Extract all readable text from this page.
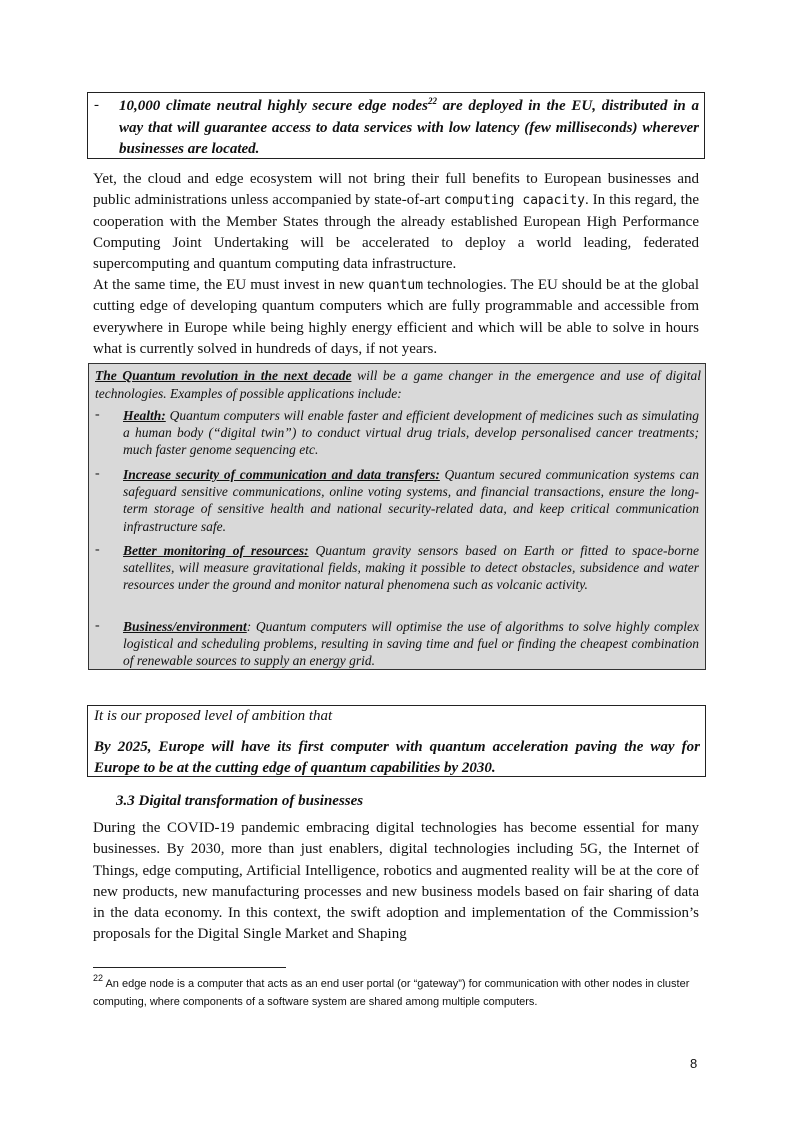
- 10,000 climate neutral highly secure edge nodes$^{22}$ are deployed in the EU, distributed in a way that will guarantee access to data services with low latency (few milliseconds) wherever businesses are located.
Yet, the cloud and edge ecosystem will not bring their full benefits to European businesses and public administrations unless accompanied by state-of-art computing capacity. In this regard, the cooperation with the Member States through the already established European High Performance Computing Joint Undertaking will be accelerated to deploy a world leading, federated supercomputing and quantum computing data infrastructure.
At the same time, the EU must invest in new quantum technologies. The EU should be at the global cutting edge of developing quantum computers which are fully programmable and accessible from everywhere in Europe while being highly energy efficient and which will be able to solve in hours what is currently solved in hundreds of days, if not years.
The Quantum revolution in the next decade will be a game changer in the emergence and use of digital technologies. Examples of possible applications include:
- Health: Quantum computers will enable faster and efficient development of medicines such as simulating a human body (“digital twin”) to conduct virtual drug trials, develop personalised cancer treatments; much faster genome sequencing etc.
- Increase security of communication and data transfers: Quantum secured communication systems can safeguard sensitive communications, online voting systems, and financial transactions, ensure the long-term storage of sensitive health and national security-related data, and keep critical communication infrastructure safe.
- Better monitoring of resources: Quantum gravity sensors based on Earth or fitted to space-borne satellites, will measure gravitational fields, making it possible to detect obstacles, subsidence and water resources under the ground and monitor natural phenomena such as volcanic activity.
- Business/environment: Quantum computers will optimise the use of algorithms to solve highly complex logistical and scheduling problems, resulting in saving time and fuel or finding the cheapest combination of renewable sources to supply an energy grid.
It is our proposed level of ambition that
By 2025, Europe will have its first computer with quantum acceleration paving the way for Europe to be at the cutting edge of quantum capabilities by 2030.
3.3 Digital transformation of businesses
During the COVID-19 pandemic embracing digital technologies has become essential for many businesses. By 2030, more than just enablers, digital technologies including 5G, the Internet of Things, edge computing, Artificial Intelligence, robotics and augmented reality will be at the core of new products, new manufacturing processes and new business models based on fair sharing of data in the data economy. In this context, the swift adoption and implementation of the Commission’s proposals for the Digital Single Market and Shaping
$^{22}$ An edge node is a computer that acts as an end user portal (or “gateway”) for communication with other nodes in cluster computing, where components of a software system are shared among multiple computers.
8
